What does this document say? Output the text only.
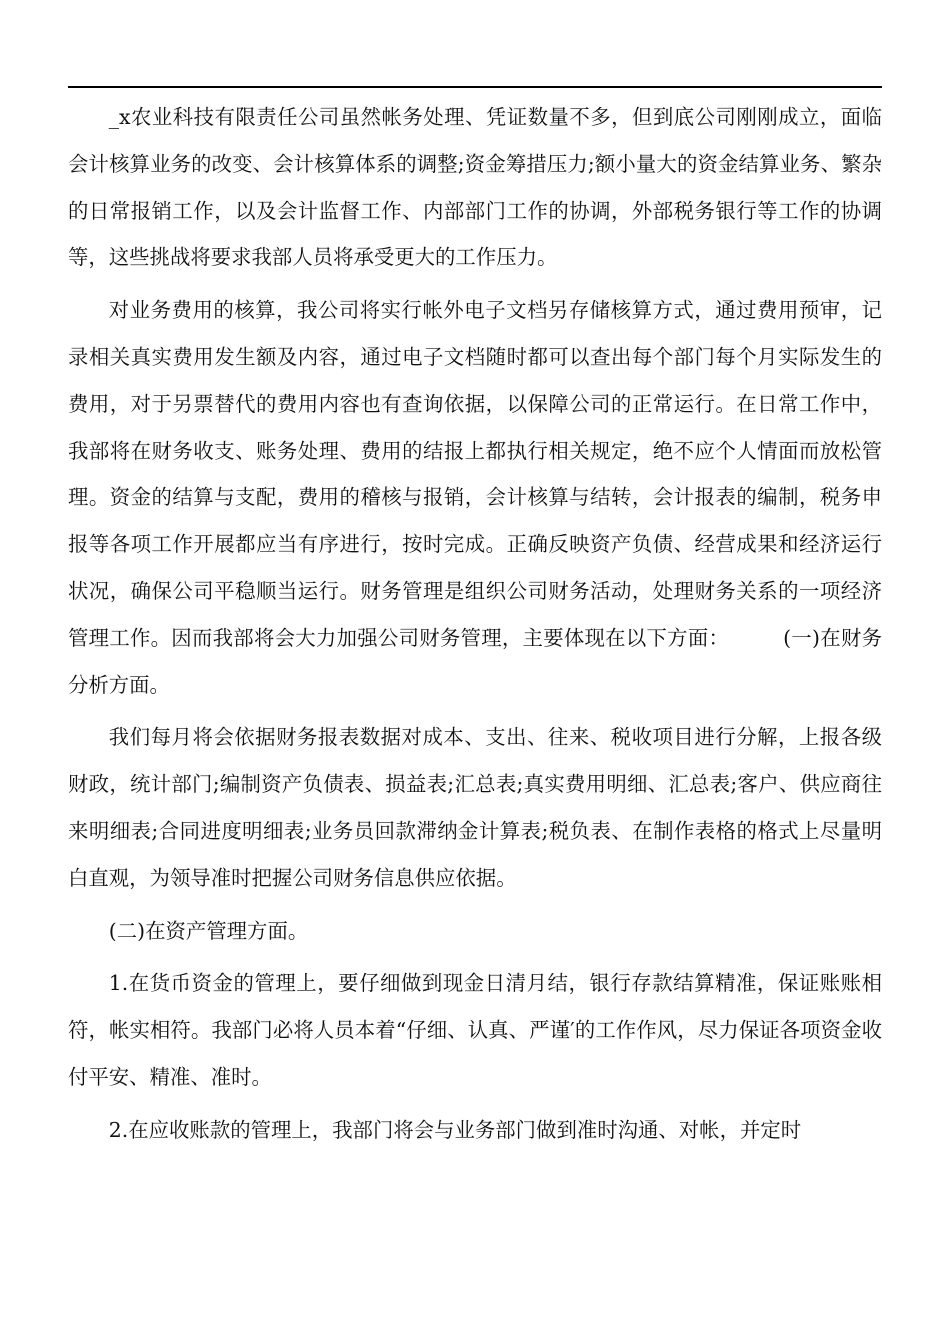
_x农业科技有限责任公司虽然帐务处理、凭证数量不多，但到底公司刚刚成立，面临会计核算业务的改变、会计核算体系的调整;资金筹措压力;额小量大的资金结算业务、繁杂的日常报销工作，以及会计监督工作、内部部门工作的协调，外部税务银行等工作的协调等，这些挑战将要求我部人员将承受更大的工作压力。

对业务费用的核算，我公司将实行帐外电子文档另存储核算方式，通过费用预审，记录相关真实费用发生额及内容，通过电子文档随时都可以查出每个部门每个月实际发生的费用，对于另票替代的费用内容也有查询依据，以保障公司的正常运行。在日常工作中，我部将在财务收支、账务处理、费用的结报上都执行相关规定，绝不应个人情面而放松管理。资金的结算与支配，费用的稽核与报销，会计核算与结转，会计报表的编制，税务申报等各项工作开展都应当有序进行，按时完成。正确反映资产负债、经营成果和经济运行状况，确保公司平稳顺当运行。财务管理是组织公司财务活动，处理财务关系的一项经济管理工作。因而我部将会大力加强公司财务管理，主要体现在以下方面：        (一)在财务分析方面。

我们每月将会依据财务报表数据对成本、支出、往来、税收项目进行分解，上报各级财政，统计部门;编制资产负债表、损益表;汇总表;真实费用明细、汇总表;客户、供应商往来明细表;合同进度明细表;业务员回款滞纳金计算表;税负表、在制作表格的格式上尽量明白直观，为领导准时把握公司财务信息供应依据。

(二)在资产管理方面。

1.在货币资金的管理上，要仔细做到现金日清月结，银行存款结算精准，保证账账相符，帐实相符。我部门必将人员本着“仔细、认真、严谨′的工作作风，尽力保证各项资金收付平安、精准、准时。

2.在应收账款的管理上，我部门将会与业务部门做到准时沟通、对帐，并定时
